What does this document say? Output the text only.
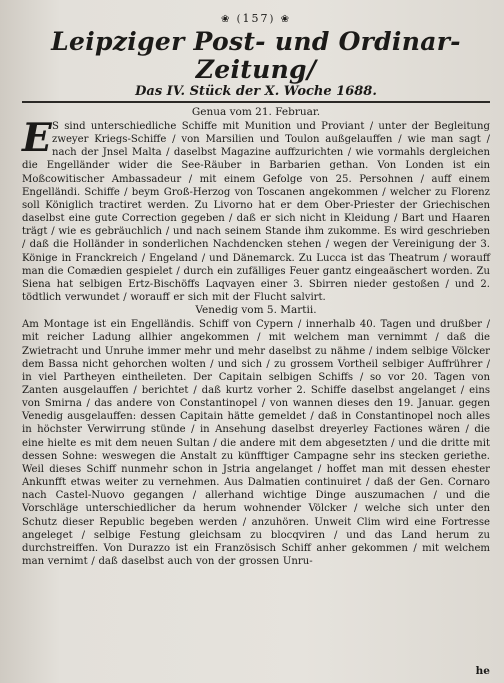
❀ (157) ❀
Leipziger Post- und Ordinar-Zeitung/
Das IV. Stück der X. Woche 1688.
Genua vom 21. Februar.

E S sind unterschiedliche Schiffe mit Munition und Proviant / unter der Begleitung zweyer Kriegs-Schiffe / von Marsilien und Toulon außgelauffen / wie man sagt / nach der Jnsel Malta / daselbst Magazine auffzurichten / wie vormahls dergleichen die Engelländer wider die See-Räuber in Barbarien gethan. Von Londen ist ein Moßcowitischer Ambassadeur / mit einem Gefolge von 25. Persohnen / auff einem Engelländi. Schiffe / beym Groß-Herzog von Toscanen angekommen / welcher zu Florenz soll Königlich tractiret werden. Zu Livorno hat er dem Ober-Priester der Griechischen daselbst eine gute Correction gegeben / daß er sich nicht in Kleidung / Bart und Haaren trägt / wie es gebräuchlich / und nach seinem Stande ihm zukomme. Es wird geschrieben / daß die Holländer in sonderlichen Nachdencken stehen / wegen der Vereinigung der 3. Könige in Franckreich / Engeland / und Dänemarck. Zu Lucca ist das Theatrum / worauff man die Comædien gespielet / durch ein zufälliges Feuer gantz eingeaäschert worden. Zu Siena hat selbigen Ertz-Bischöffs Laqvayen einer 3. Sbirren nieder gestoßen / und 2. tödtlich verwundet / worauff er sich mit der Flucht salvirt.

Venedig vom 5. Martii.

Am Montage ist ein Engelländis. Schiff von Cypern / innerhalb 40. Tagen und drußber / mit reicher Ladung allhier angekommen / mit welchem man vernimmt / daß die Zwietracht und Unruhe immer mehr und mehr daselbst zu nähme / indem selbige Völcker dem Bassa nicht gehorchen wolten / und sich / zu grossem Vortheil selbiger Auffrührer / in viel Partheyen eintheileten. Der Capitain selbigen Schiffs / so vor 20. Tagen von Zanten ausgelauffen / berichtet / daß kurtz vorher 2. Schiffe daselbst angelanget / eins von Smirna / das andere von Constantinopel / von wannen dieses den 19. Januar. gegen Venedig ausgelauffen: dessen Capitain hätte gemeldet / daß in Constantinopel noch alles in höchster Verwirrung stünde / in Ansehung daselbst dreyerley Factiones wären / die eine hielte es mit dem neuen Sultan / die andere mit dem abgesetzten / und die dritte mit dessen Sohne: weswegen die Anstalt zu künfftiger Campagne sehr ins stecken geriethe. Weil dieses Schiff nunmehr schon in Jstria angelanget / hoffet man mit dessen ehester Ankunfft etwas weiter zu vernehmen. Aus Dalmatien continuiret / daß der Gen. Cornaro nach Castel-Nuovo gegangen / allerhand wichtige Dinge auszumachen / und die Vorschläge unterschiedlicher da herum wohnender Völcker / welche sich unter den Schutz dieser Republic begeben werden / anzuhören. Unweit Clim wird eine Fortresse angeleget / selbige Festung gleichsam zu blocqviren / und das Land herum zu durchstreiffen. Von Durazzo ist ein Französisch Schiff anher gekommen / mit welchem man vernimt / daß daselbst auch von der grossen Unru-

he
